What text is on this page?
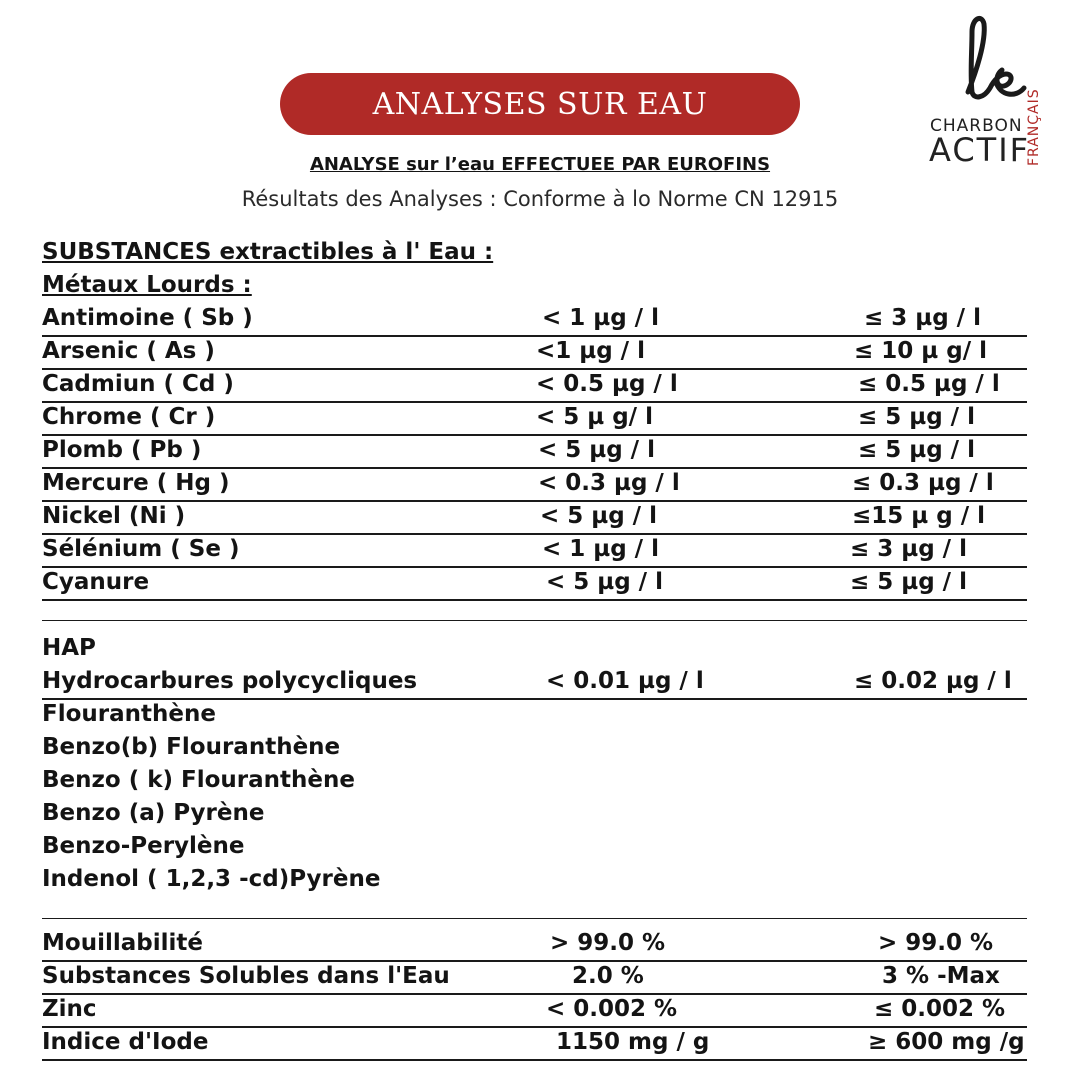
ANALYSES SUR EAU
CHARBON
ACTIF
FRANÇAIS
ANALYSE sur l’eau EFFECTUEE PAR EUROFINS
Résultats des Analyses : Conforme à lo Norme CN 12915
SUBSTANCES extractibles à l' Eau :
Métaux Lourds :
Antimoine ( Sb )	< 1 µg / l	≤ 3 µg / l
Arsenic ( As )	<1 µg / l	≤ 10 µ g/ l
Cadmiun ( Cd )	< 0.5 µg / l	≤ 0.5 µg / l
Chrome ( Cr )	< 5 µ g/ l	≤ 5 µg / l
Plomb ( Pb )	< 5 µg / l	≤ 5 µg / l
Mercure ( Hg )	< 0.3 µg / l	≤ 0.3 µg / l
Nickel (Ni )	< 5 µg / l	≤15 µ g / l
Sélénium ( Se )	< 1 µg / l	≤ 3 µg / l
Cyanure	< 5 µg / l	≤ 5 µg / l
HAP
Hydrocarbures polycycliques	< 0.01 µg / l	≤ 0.02 µg / l
Flouranthène
Benzo(b) Flouranthène
Benzo ( k) Flouranthène
Benzo (a) Pyrène
Benzo-Perylène
Indenol ( 1,2,3 -cd)Pyrène
Mouillabilité	> 99.0 %	> 99.0 %
Substances Solubles dans l'Eau	2.0 %	3 % -Max
Zinc	< 0.002 %	≤ 0.002 %
Indice d'Iode	1150 mg / g	≥ 600 mg /g
